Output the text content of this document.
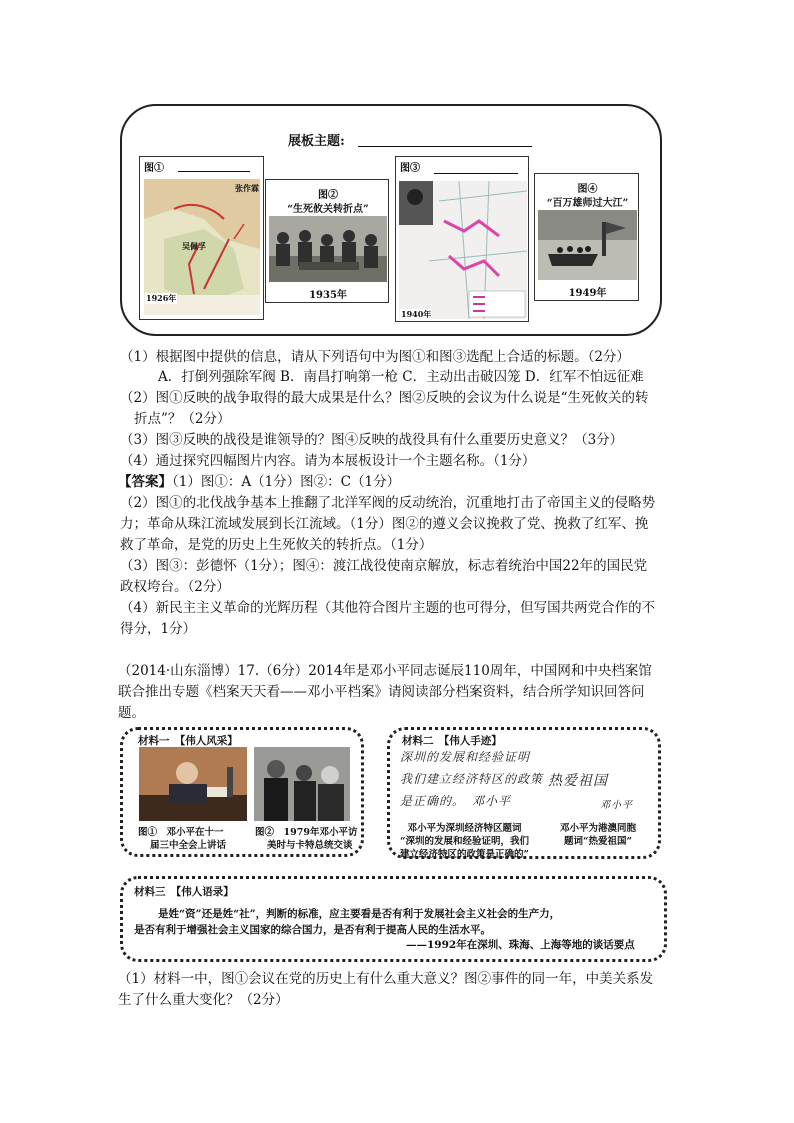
展板主题:
图①
张作霖
吴佩孚
1926年
图②
“生死攸关转折点”
1935年
图③
1940年
图④
“百万雄师过大江”
1949年
（1）根据图中提供的信息，请从下列语句中为图①和图③选配上合适的标题。（2分）
A．打倒列强除军阀 B．南昌打响第一枪 C．主动出击破囚笼 D．红军不怕远征难
（2）图①反映的战争取得的最大成果是什么？图②反映的会议为什么说是“生死攸关的转
折点”？（2分）
（3）图③反映的战役是谁领导的？图④反映的战役具有什么重要历史意义？（3分）
（4）通过探究四幅图片内容。请为本展板设计一个主题名称。（1分）
【答案】（1）图①：A（1分）图②：C（1分）
（2）图①的北伐战争基本上推翻了北洋军阀的反动统治，沉重地打击了帝国主义的侵略势
力；革命从珠江流域发展到长江流域。（1分）图②的遵义会议挽救了党、挽救了红军、挽
救了革命，是党的历史上生死攸关的转折点。（1分）
（3）图③：彭德怀（1分）；图④：渡江战役使南京解放，标志着统治中国22年的国民党
政权垮台。（2分）
（4）新民主主义革命的光辉历程（其他符合图片主题的也可得分，但写国共两党合作的不
得分，1分）
（2014·山东淄博）17.（6分）2014年是邓小平同志诞辰110周年，中国网和中央档案馆
联合推出专题《档案天天看——邓小平档案》请阅读部分档案资料，结合所学知识回答问
题。
材料一　【伟人风采】
图①　邓小平在十一
届三中全会上讲话
图②　1979年邓小平访
美时与卡特总统交谈
材料二　【伟人手迹】
深圳的发展和经验证明
我们建立经济特区的政策
是正确的。　邓小平
热爱祖国
邓小平
邓小平为深圳经济特区题词
“深圳的发展和经验证明，我们
建立经济特区的政策是正确的”
邓小平为港澳同胞
题词“热爱祖国”
材料三　【伟人语录】
是姓“资”还是姓“社”，判断的标准，应主要看是否有利于发展社会主义社会的生产力，
是否有利于增强社会主义国家的综合国力，是否有利于提高人民的生活水平。
——1992年在深圳、珠海、上海等地的谈话要点
（1）材料一中，图①会议在党的历史上有什么重大意义？图②事件的同一年，中美关系发
生了什么重大变化？（2分）
